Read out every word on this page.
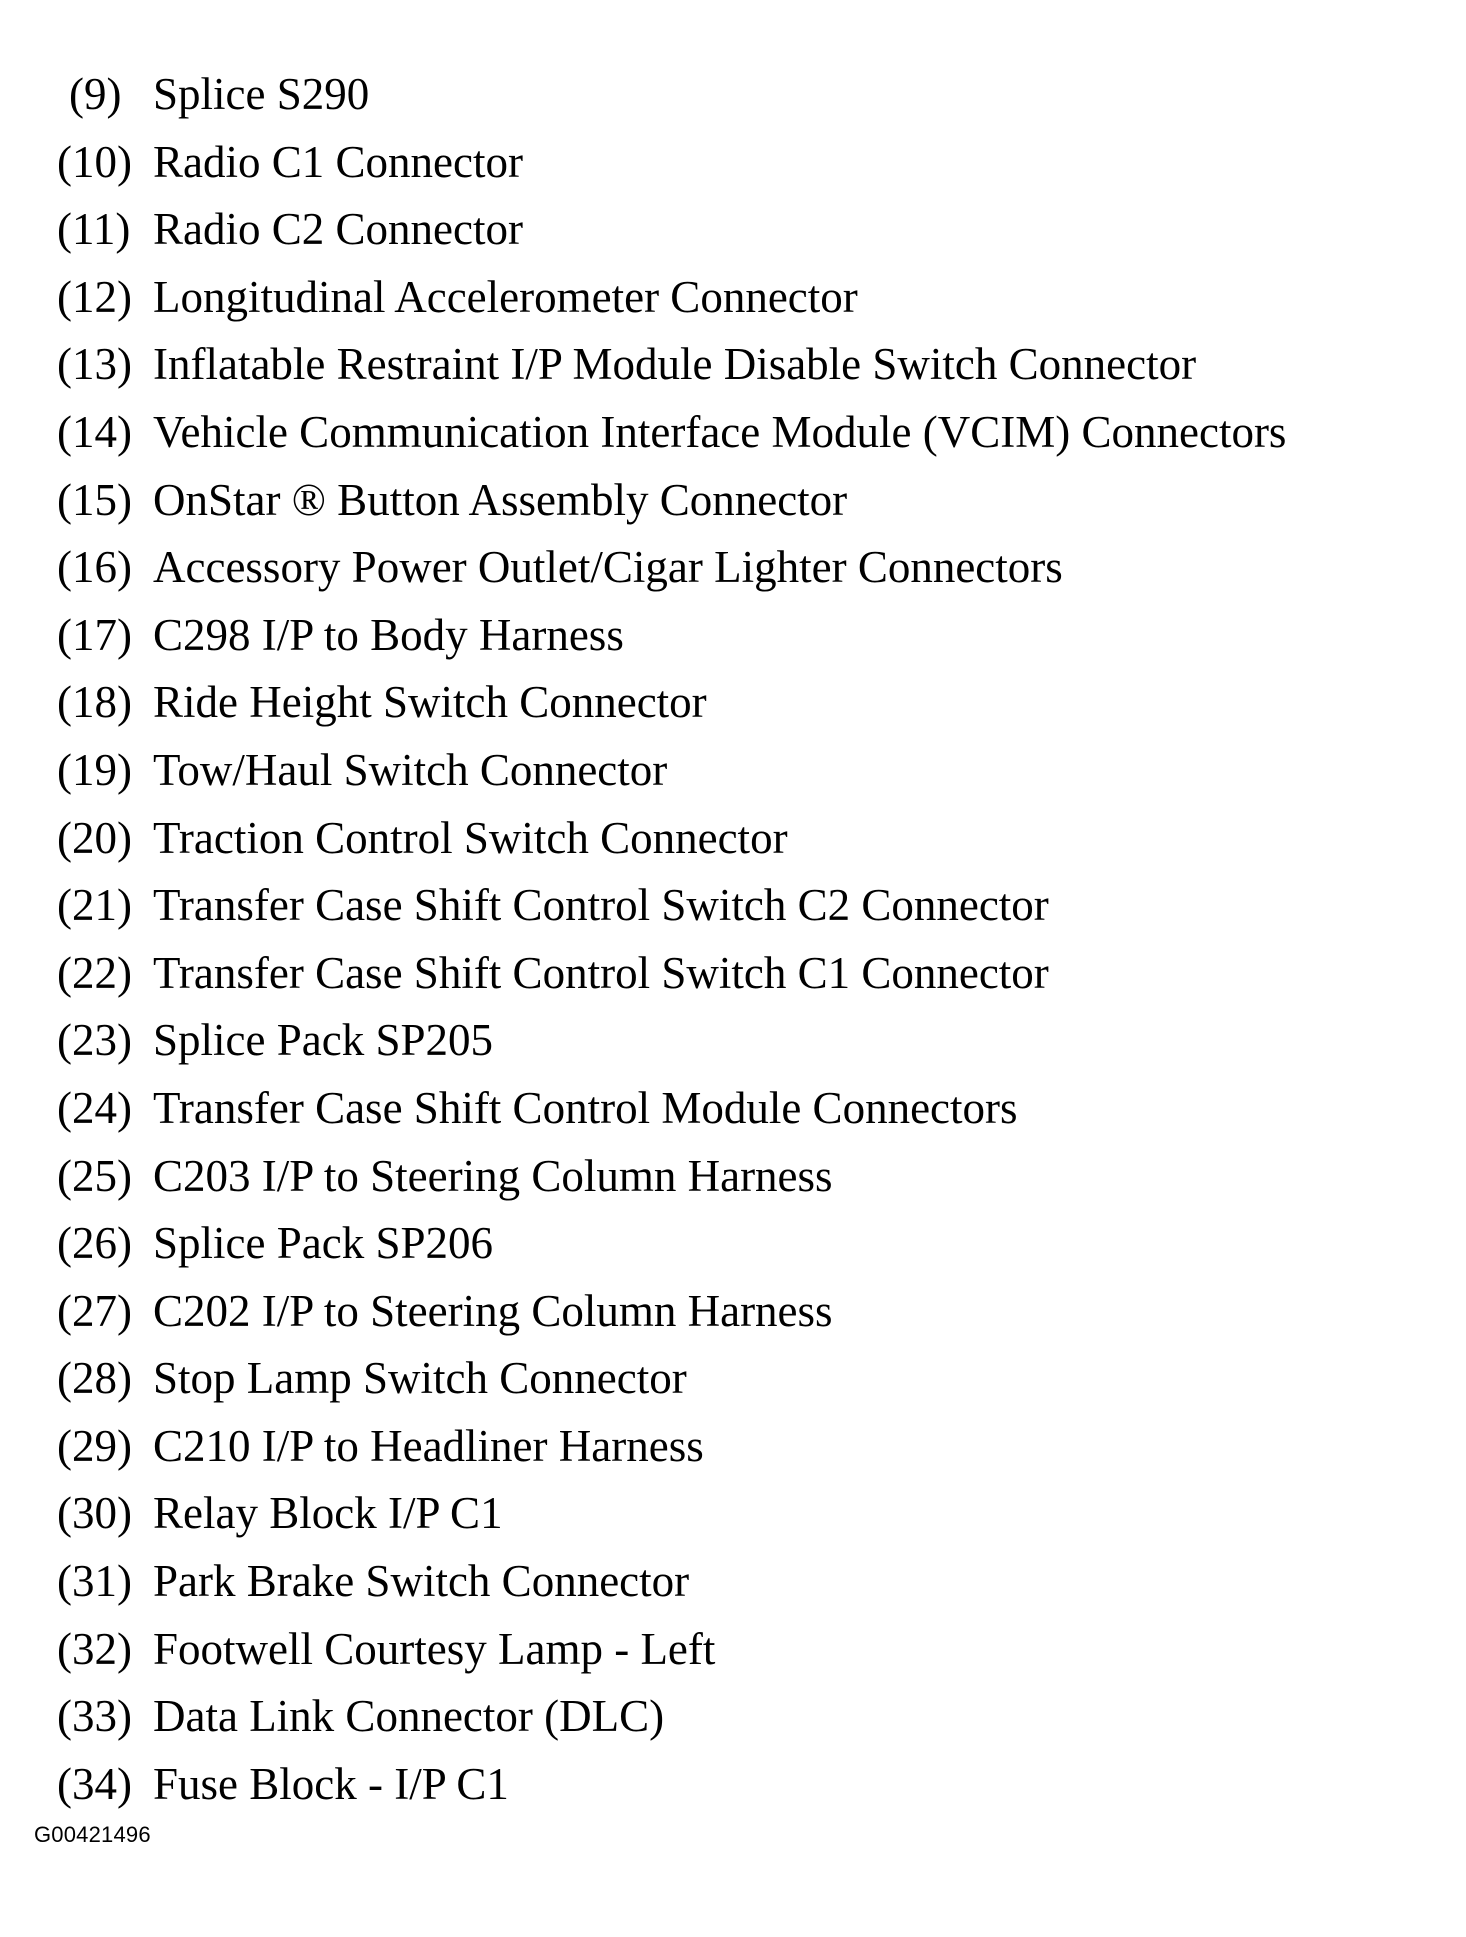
(9) Splice S290
(10) Radio C1 Connector
(11) Radio C2 Connector
(12) Longitudinal Accelerometer Connector
(13) Inflatable Restraint I/P Module Disable Switch Connector
(14) Vehicle Communication Interface Module (VCIM) Connectors
(15) OnStar ® Button Assembly Connector
(16) Accessory Power Outlet/Cigar Lighter Connectors
(17) C298 I/P to Body Harness
(18) Ride Height Switch Connector
(19) Tow/Haul Switch Connector
(20) Traction Control Switch Connector
(21) Transfer Case Shift Control Switch C2 Connector
(22) Transfer Case Shift Control Switch C1 Connector
(23) Splice Pack SP205
(24) Transfer Case Shift Control Module Connectors
(25) C203 I/P to Steering Column Harness
(26) Splice Pack SP206
(27) C202 I/P to Steering Column Harness
(28) Stop Lamp Switch Connector
(29) C210 I/P to Headliner Harness
(30) Relay Block I/P C1
(31) Park Brake Switch Connector
(32) Footwell Courtesy Lamp - Left
(33) Data Link Connector (DLC)
(34) Fuse Block - I/P C1
G00421496
